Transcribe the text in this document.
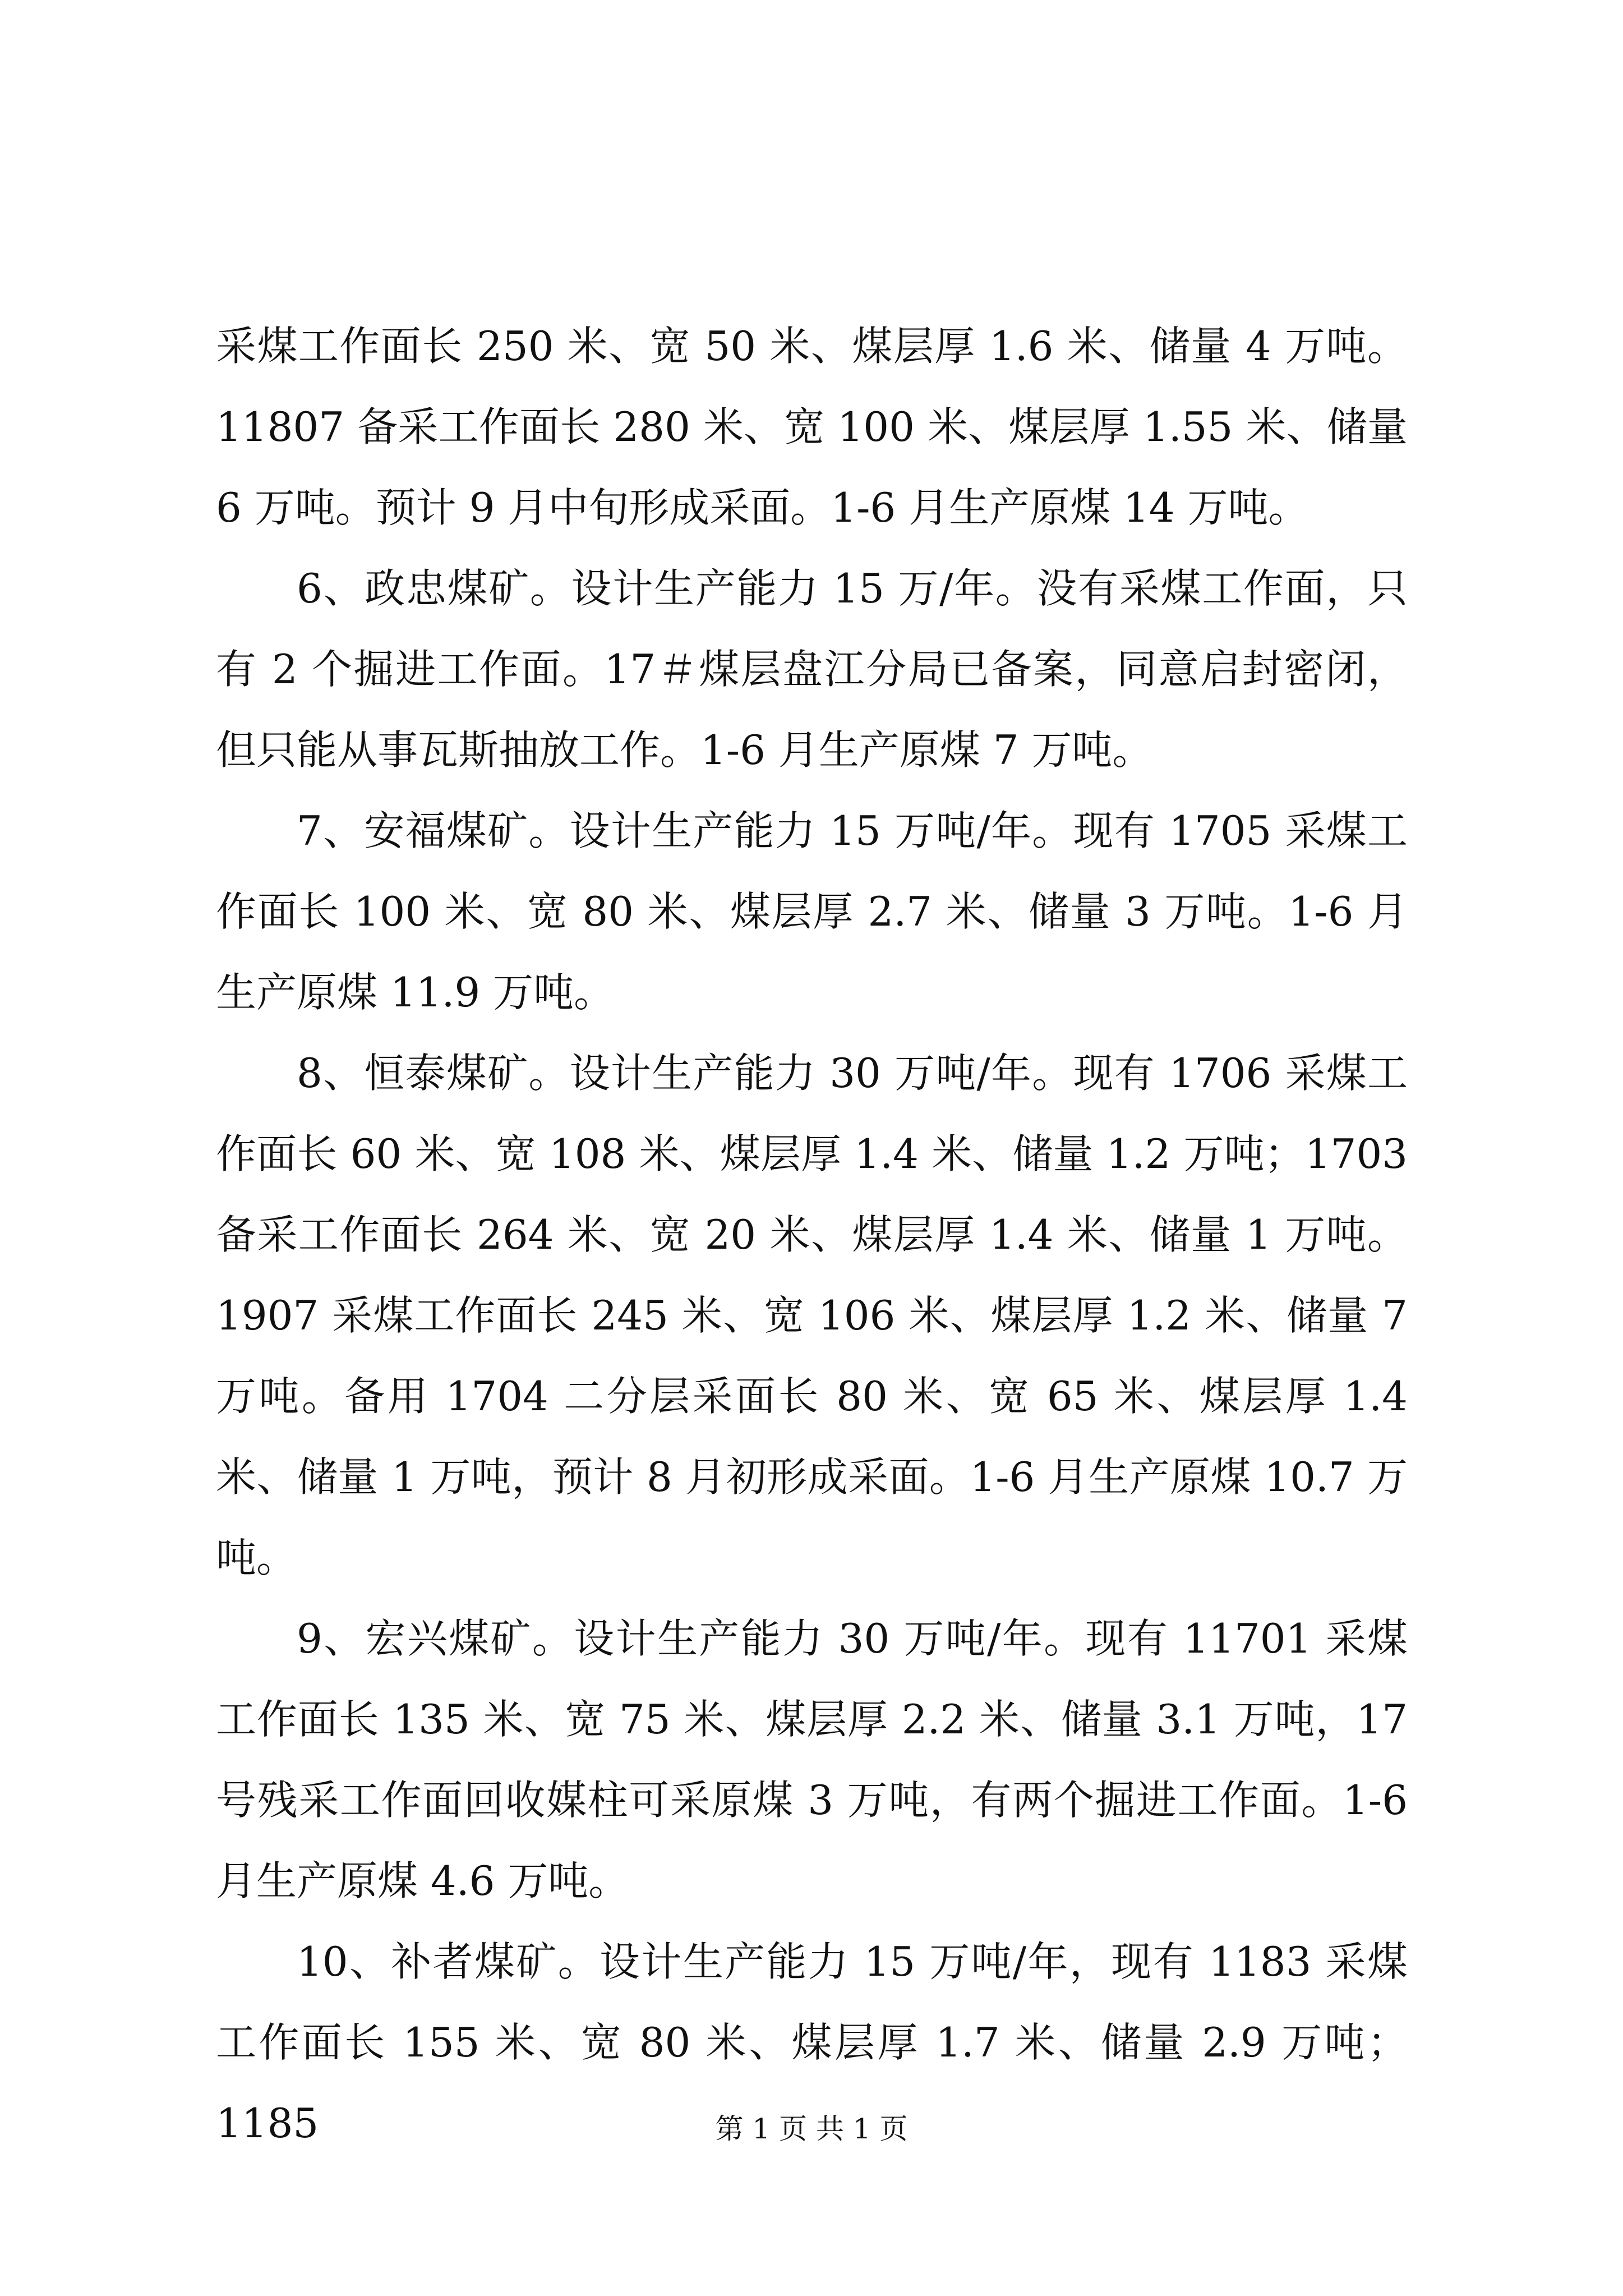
采煤工作面长 250 米、宽 50 米、煤层厚 1.6 米、储量 4 万吨。11807 备采工作面长 280 米、宽 100 米、煤层厚 1.55 米、储量 6 万吨。预计 9 月中旬形成采面。1-6 月生产原煤 14 万吨。

6、政忠煤矿。设计生产能力 15 万/年。没有采煤工作面，只有 2 个掘进工作面。17＃煤层盘江分局已备案，同意启封密闭，但只能从事瓦斯抽放工作。1-6 月生产原煤 7 万吨。

7、安福煤矿。设计生产能力 15 万吨/年。现有 1705 采煤工作面长 100 米、宽 80 米、煤层厚 2.7 米、储量 3 万吨。1-6 月生产原煤 11.9 万吨。

8、恒泰煤矿。设计生产能力 30 万吨/年。现有 1706 采煤工作面长 60 米、宽 108 米、煤层厚 1.4 米、储量 1.2 万吨；1703 备采工作面长 264 米、宽 20 米、煤层厚 1.4 米、储量 1 万吨。1907 采煤工作面长 245 米、宽 106 米、煤层厚 1.2 米、储量 7 万吨。备用 1704 二分层采面长 80 米、宽 65 米、煤层厚 1.4 米、储量 1 万吨，预计 8 月初形成采面。1-6 月生产原煤 10.7 万吨。

9、宏兴煤矿。设计生产能力 30 万吨/年。现有 11701 采煤工作面长 135 米、宽 75 米、煤层厚 2.2 米、储量 3.1 万吨，17 号残采工作面回收媒柱可采原煤 3 万吨，有两个掘进工作面。1-6 月生产原煤 4.6 万吨。

10、补者煤矿。设计生产能力 15 万吨/年，现有 1183 采煤工作面长 155 米、宽 80 米、煤层厚 1.7 米、储量 2.9 万吨；1185	第 1 页 共 1 页
